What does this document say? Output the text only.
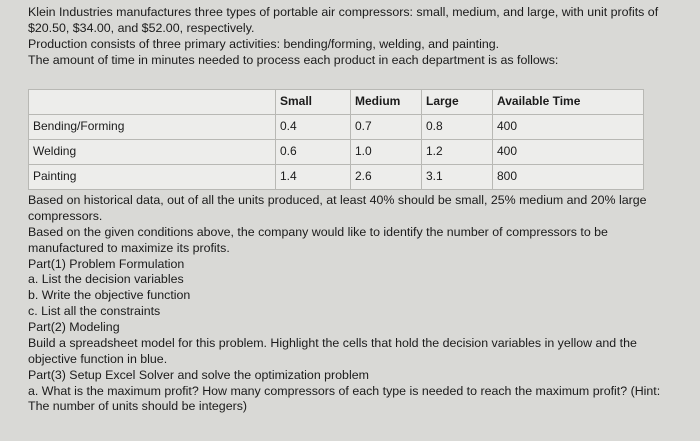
Klein Industries manufactures three types of portable air compressors: small, medium, and large, with unit profits of $20.50, $34.00, and $52.00, respectively.

Production consists of three primary activities: bending/forming, welding, and painting.

The amount of time in minutes needed to process each product in each department is as follows:

	Small	Medium	Large	Available Time
Bending/Forming	0.4	0.7	0.8	400
Welding	0.6	1.0	1.2	400
Painting	1.4	2.6	3.1	800

Based on historical data, out of all the units produced, at least 40% should be small, 25% medium and 20% large compressors.

Based on the given conditions above, the company would like to identify the number of compressors to be manufactured to maximize its profits.

Part(1) Problem Formulation

a. List the decision variables

b. Write the objective function

c. List all the constraints

Part(2) Modeling

Build a spreadsheet model for this problem. Highlight the cells that hold the decision variables in yellow and the objective function in blue.

Part(3) Setup Excel Solver and solve the optimization problem

a. What is the maximum profit? How many compressors of each type is needed to reach the maximum profit? (Hint: The number of units should be integers)
